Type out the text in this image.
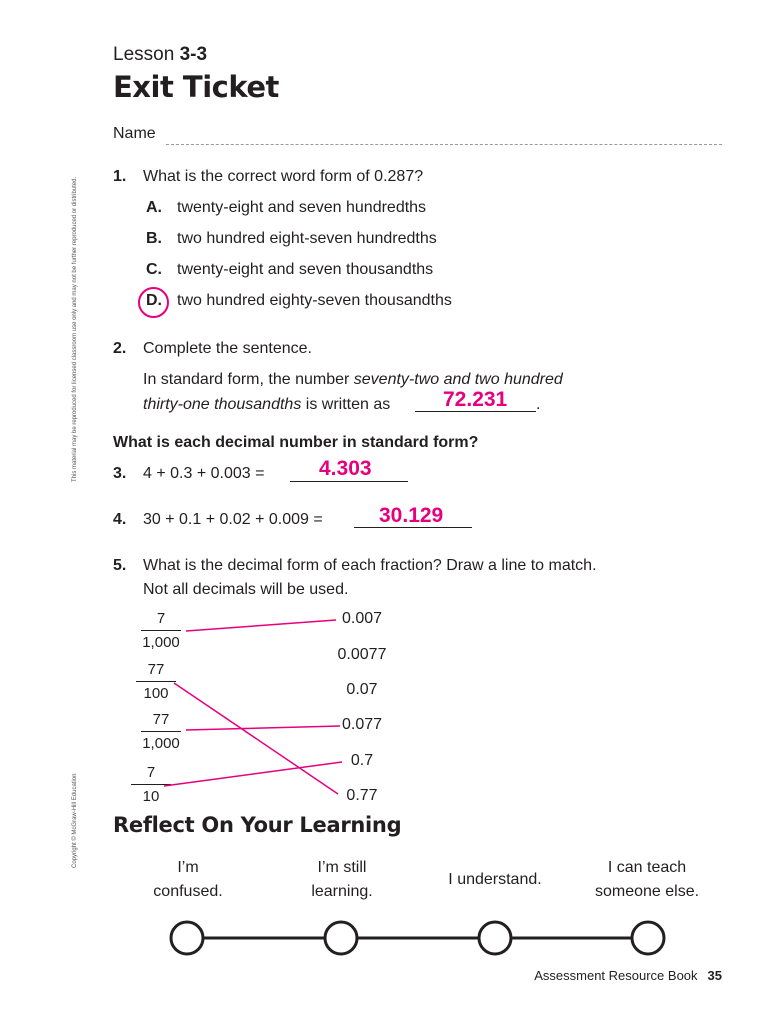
Lesson 3-3
Exit Ticket
Name
This material may be reproduced for licensed classroom use only and may not be further reproduced or distributed.
Copyright © McGraw-Hill Education
1. What is the correct word form of 0.287?
A. twenty-eight and seven hundredths
B. two hundred eight-seven hundredths
C. twenty-eight and seven thousandths
D. two hundred eighty-seven thousandths
2. Complete the sentence.
In standard form, the number seventy-two and two hundred
thirty-one thousandths is written as	.
72.231
What is each decimal number in standard form?
3. 4 + 0.3 + 0.003 =	4.303
4. 30 + 0.1 + 0.02 + 0.009 =	30.129
5. What is the decimal form of each fraction? Draw a line to match.
Not all decimals will be used.
7
1,000
77
100
77
1,000
7
10
0.007
0.0077
0.07
0.077
0.7
0.77
Reflect On Your Learning
I’m
confused.
I’m still
learning.
I understand.
I can teach
someone else.
Assessment Resource Book 35
